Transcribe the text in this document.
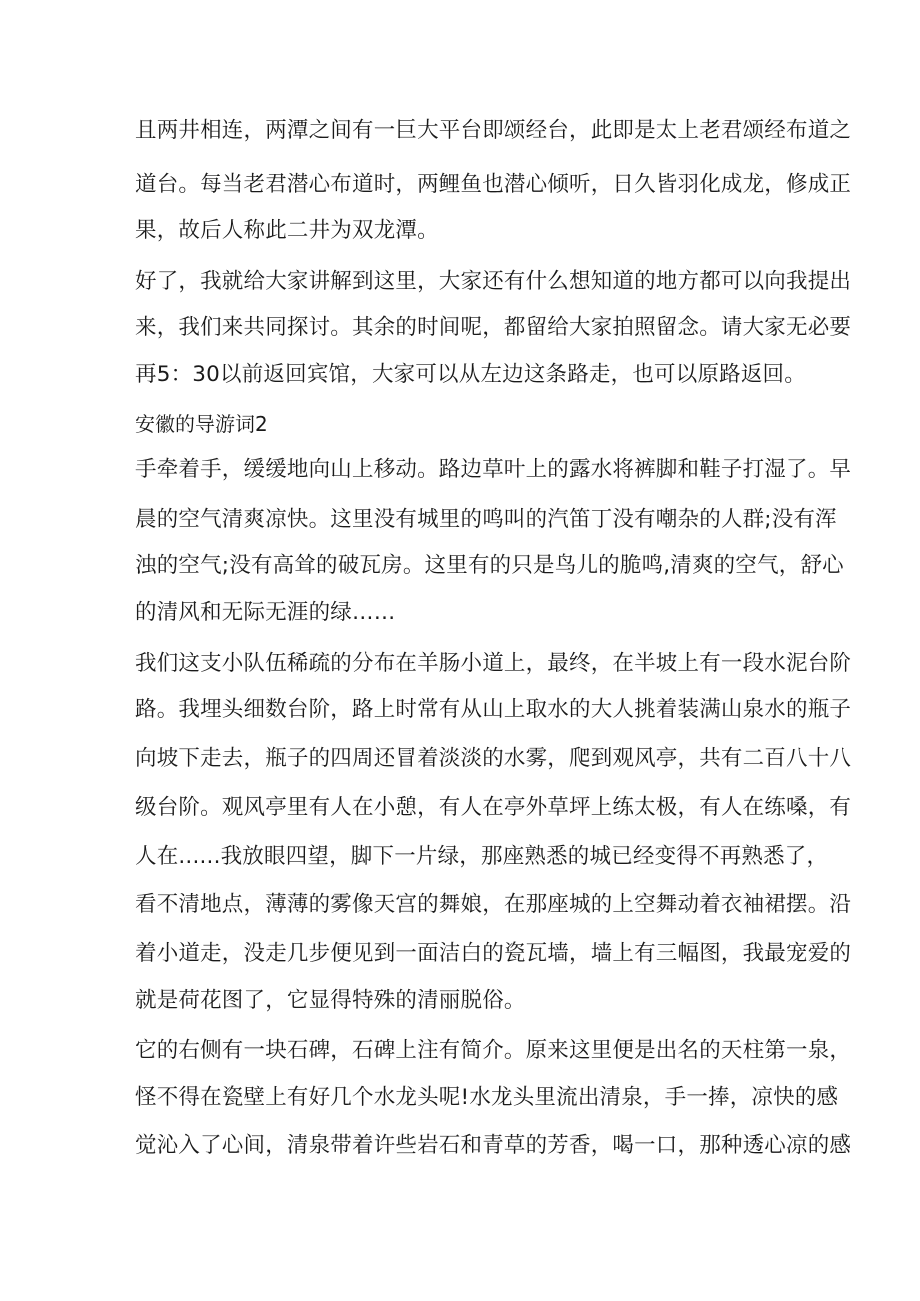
且两井相连，两潭之间有一巨大平台即颂经台，此即是太上老君颂经布道之

道台。每当老君潜心布道时，两鲤鱼也潜心倾听，日久皆羽化成龙，修成正

果，故后人称此二井为双龙潭。

好了，我就给大家讲解到这里，大家还有什么想知道的地方都可以向我提出

来，我们来共同探讨。其余的时间呢，都留给大家拍照留念。请大家无必要

再5：30以前返回宾馆，大家可以从左边这条路走，也可以原路返回。

安徽的导游词2

手牵着手，缓缓地向山上移动。路边草叶上的露水将裤脚和鞋子打湿了。早

晨的空气清爽凉快。这里没有城里的鸣叫的汽笛丁没有嘲杂的人群;没有浑

浊的空气;没有高耸的破瓦房。这里有的只是鸟儿的脆鸣,清爽的空气，舒心

的清风和无际无涯的绿……

我们这支小队伍稀疏的分布在羊肠小道上，最终，在半坡上有一段水泥台阶

路。我埋头细数台阶，路上时常有从山上取水的大人挑着装满山泉水的瓶子

向坡下走去，瓶子的四周还冒着淡淡的水雾，爬到观风亭，共有二百八十八

级台阶。观风亭里有人在小憩，有人在亭外草坪上练太极，有人在练嗓，有

人在......我放眼四望，脚下一片绿，那座熟悉的城已经变得不再熟悉了，

看不清地点，薄薄的雾像天宫的舞娘，在那座城的上空舞动着衣袖裙摆。沿

着小道走，没走几步便见到一面洁白的瓷瓦墙，墙上有三幅图，我最宠爱的

就是荷花图了，它显得特殊的清丽脱俗。

它的右侧有一块石碑，石碑上注有简介。原来这里便是出名的天柱第一泉，

怪不得在瓷壁上有好几个水龙头呢!水龙头里流出清泉，手一捧，凉快的感

觉沁入了心间，清泉带着许些岩石和青草的芳香，喝一口，那种透心凉的感
